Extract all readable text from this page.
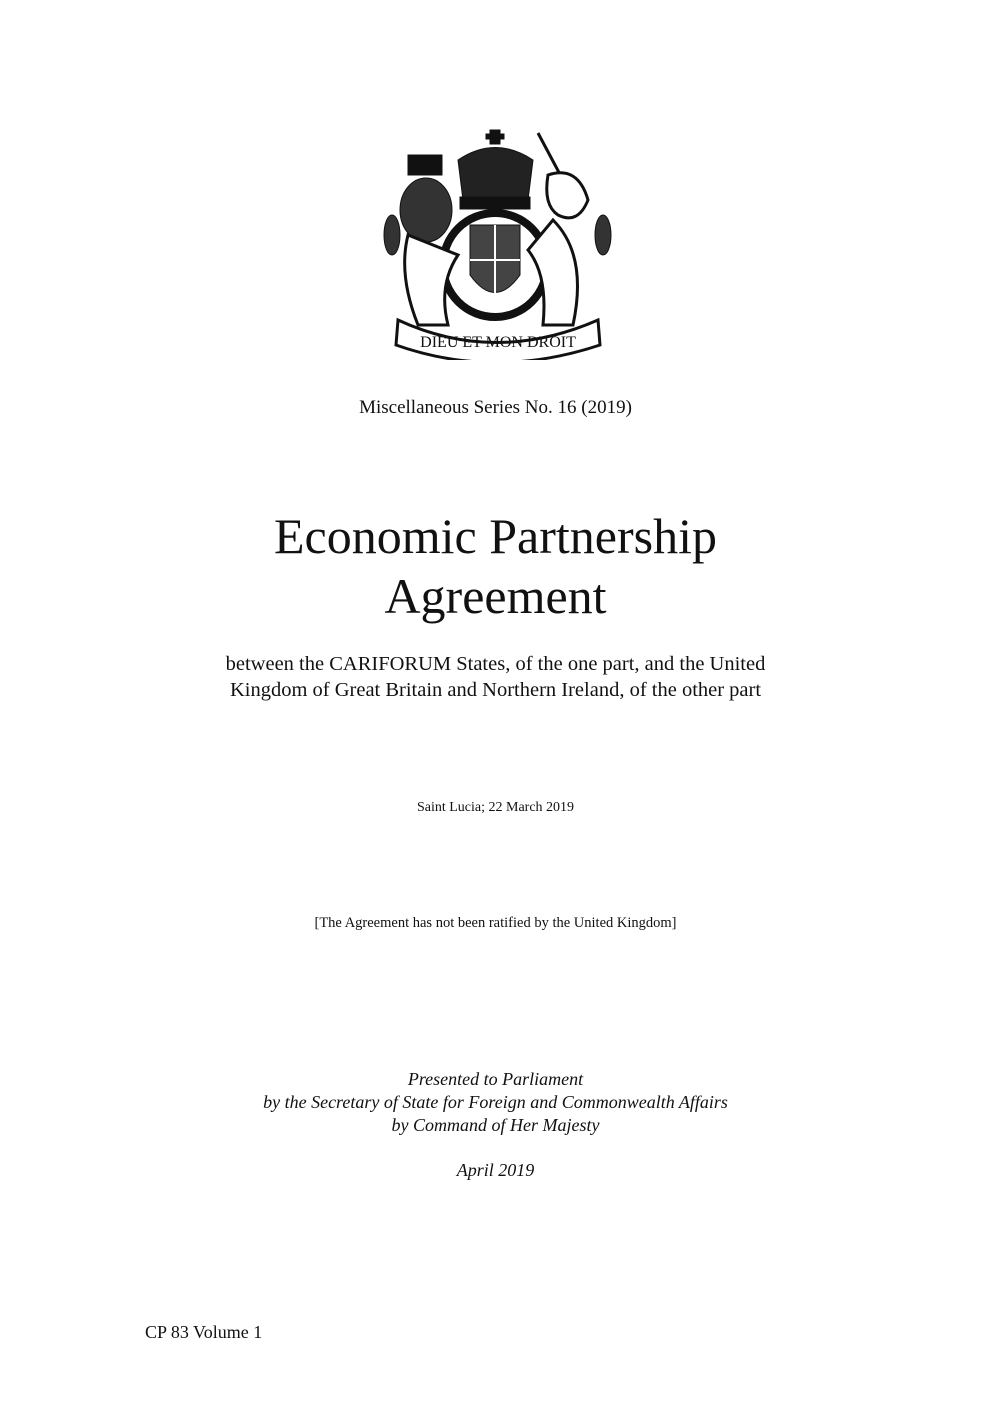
DIEU ET MON DROIT
Miscellaneous Series No. 16 (2019)
Economic Partnership
Agreement
between the CARIFORUM States, of the one part, and the United
Kingdom of Great Britain and Northern Ireland, of the other part
Saint Lucia; 22 March 2019
[The Agreement has not been ratified by the United Kingdom]
Presented to Parliament
by the Secretary of State for Foreign and Commonwealth Affairs
by Command of Her Majesty
April 2019
CP 83 Volume 1
